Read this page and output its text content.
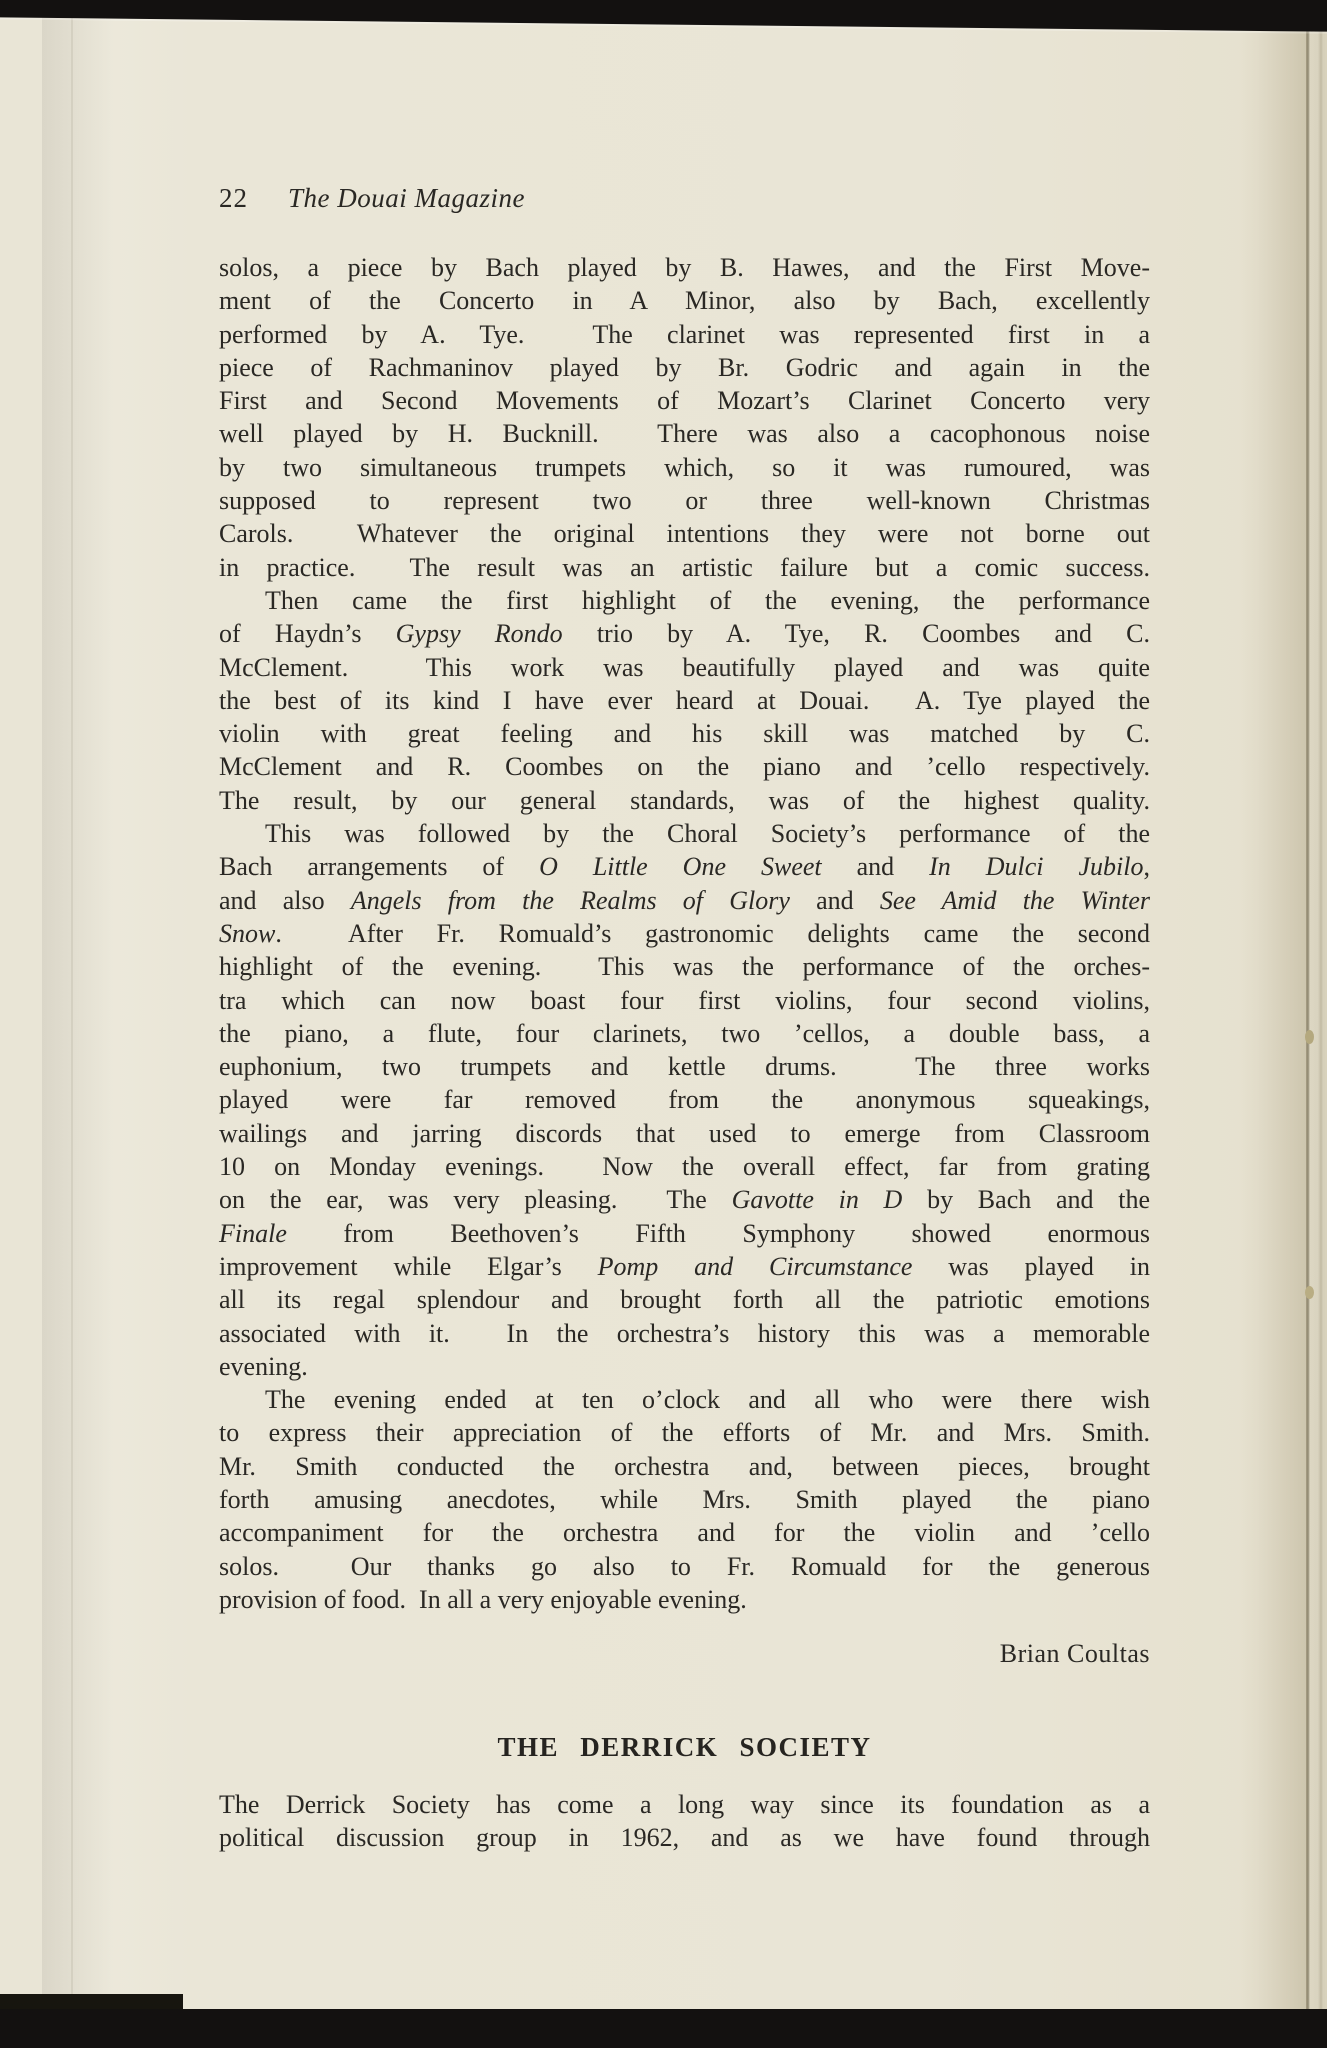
22 The Douai Magazine
solos, a piece by Bach played by B. Hawes, and the First Move-
ment of the Concerto in A Minor, also by Bach, excellently
performed by A. Tye.  The clarinet was represented first in a
piece of Rachmaninov played by Br. Godric and again in the
First and Second Movements of Mozart’s Clarinet Concerto very
well played by H. Bucknill.  There was also a cacophonous noise
by two simultaneous trumpets which, so it was rumoured, was
supposed to represent two or three well-known Christmas
Carols.  Whatever the original intentions they were not borne out
in practice.  The result was an artistic failure but a comic success.
Then came the first highlight of the evening, the performance
of Haydn’s Gypsy Rondo trio by A. Tye, R. Coombes and C.
McClement.  This work was beautifully played and was quite
the best of its kind I have ever heard at Douai.  A. Tye played the
violin with great feeling and his skill was matched by C.
McClement and R. Coombes on the piano and ’cello respectively.
The result, by our general standards, was of the highest quality.
This was followed by the Choral Society’s performance of the
Bach arrangements of O Little One Sweet and In Dulci Jubilo,
and also Angels from the Realms of Glory and See Amid the Winter
Snow.  After Fr. Romuald’s gastronomic delights came the second
highlight of the evening.  This was the performance of the orches-
tra which can now boast four first violins, four second violins,
the piano, a flute, four clarinets, two ’cellos, a double bass, a
euphonium, two trumpets and kettle drums.  The three works
played were far removed from the anonymous squeakings,
wailings and jarring discords that used to emerge from Classroom
10 on Monday evenings.  Now the overall effect, far from grating
on the ear, was very pleasing.  The Gavotte in D by Bach and the
Finale from Beethoven’s Fifth Symphony showed enormous
improvement while Elgar’s Pomp and Circumstance was played in
all its regal splendour and brought forth all the patriotic emotions
associated with it.  In the orchestra’s history this was a memorable
evening.
The evening ended at ten o’clock and all who were there wish
to express their appreciation of the efforts of Mr. and Mrs. Smith.
Mr. Smith conducted the orchestra and, between pieces, brought
forth amusing anecdotes, while Mrs. Smith played the piano
accompaniment for the orchestra and for the violin and ’cello
solos.  Our thanks go also to Fr. Romuald for the generous
provision of food.  In all a very enjoyable evening.
Brian Coultas
THE DERRICK SOCIETY
The Derrick Society has come a long way since its foundation as a
political discussion group in 1962, and as we have found through
